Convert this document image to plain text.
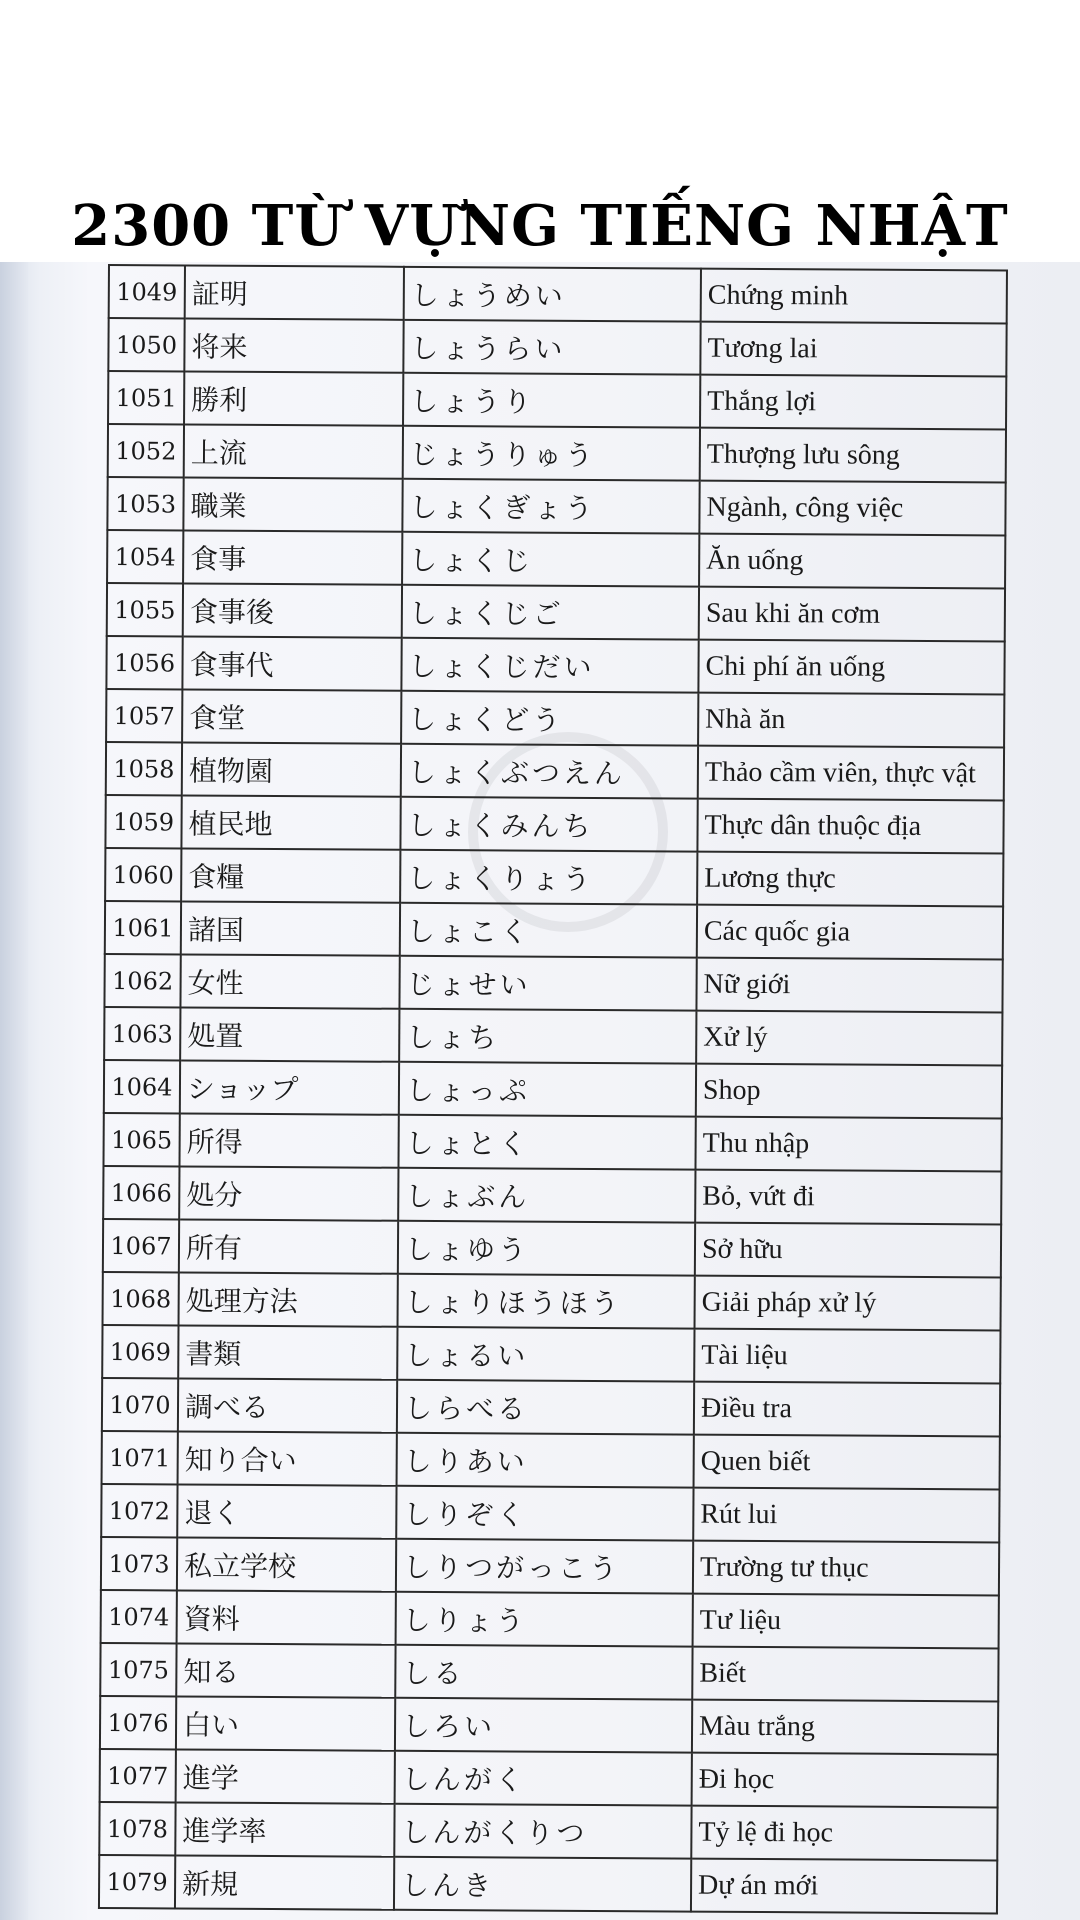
2300 TỪ VỰNG TIẾNG NHẬT
1049	証明	しょうめい	Chứng minh
1050	将来	しょうらい	Tương lai
1051	勝利	しょうり	Thắng lợi
1052	上流	じょうりゅう	Thượng lưu sông
1053	職業	しょくぎょう	Ngành, công việc
1054	食事	しょくじ	Ăn uống
1055	食事後	しょくじご	Sau khi ăn cơm
1056	食事代	しょくじだい	Chi phí ăn uống
1057	食堂	しょくどう	Nhà ăn
1058	植物園	しょくぶつえん	Thảo cầm viên, thực vật
1059	植民地	しょくみんち	Thực dân thuộc địa
1060	食糧	しょくりょう	Lương thực
1061	諸国	しょこく	Các quốc gia
1062	女性	じょせい	Nữ giới
1063	処置	しょち	Xử lý
1064	ショップ	しょっぷ	Shop
1065	所得	しょとく	Thu nhập
1066	処分	しょぶん	Bỏ, vứt đi
1067	所有	しょゆう	Sở hữu
1068	処理方法	しょりほうほう	Giải pháp xử lý
1069	書類	しょるい	Tài liệu
1070	調べる	しらべる	Điều tra
1071	知り合い	しりあい	Quen biết
1072	退く	しりぞく	Rút lui
1073	私立学校	しりつがっこう	Trường tư thục
1074	資料	しりょう	Tư liệu
1075	知る	しる	Biết
1076	白い	しろい	Màu trắng
1077	進学	しんがく	Đi học
1078	進学率	しんがくりつ	Tỷ lệ đi học
1079	新規	しんき	Dự án mới
